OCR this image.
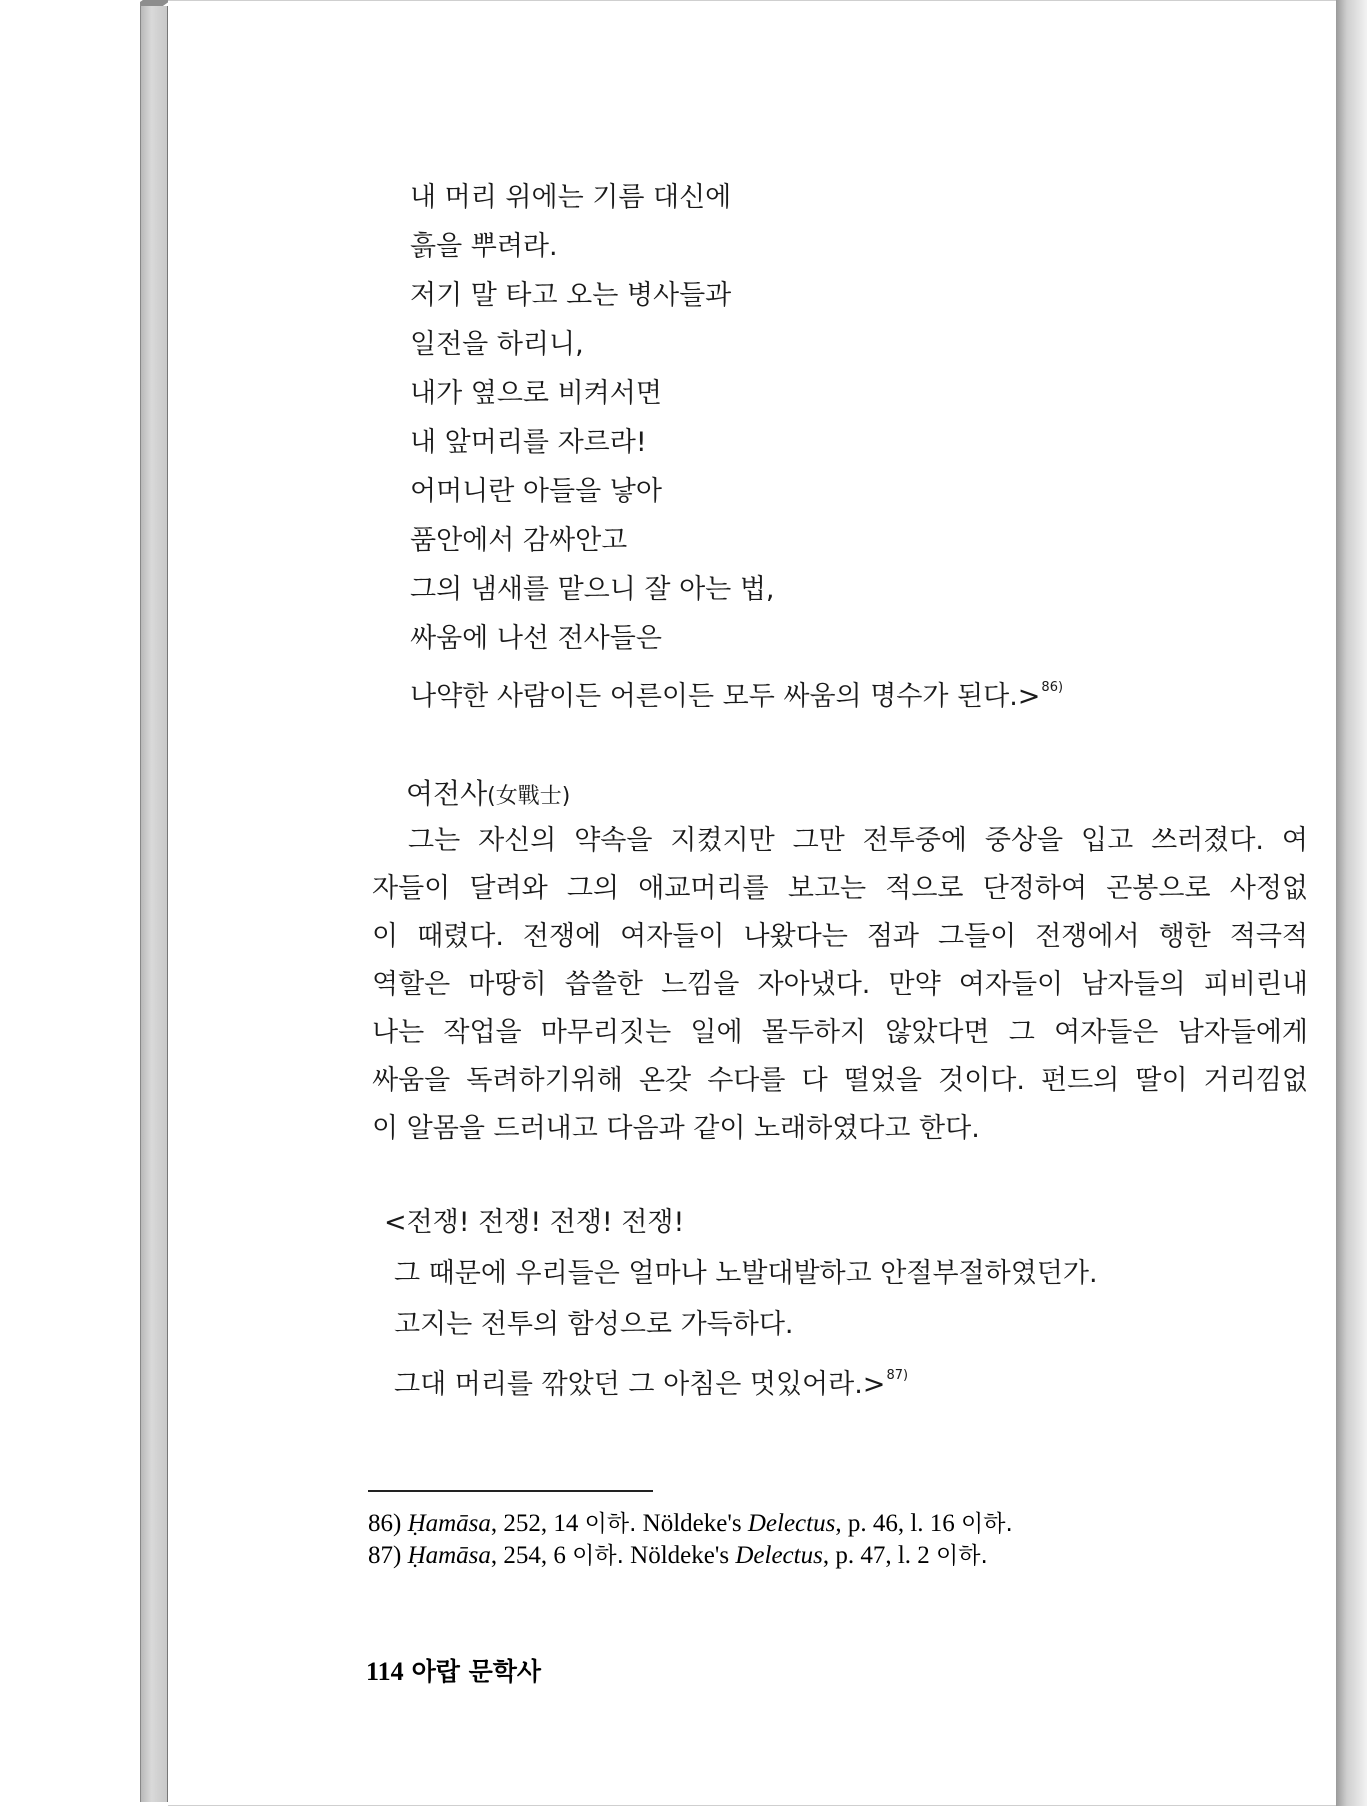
내 머리 위에는 기름 대신에
흙을 뿌려라.
저기 말 타고 오는 병사들과
일전을 하리니,
내가 옆으로 비켜서면
내 앞머리를 자르라!
어머니란 아들을 낳아
품안에서 감싸안고
그의 냄새를 맡으니 잘 아는 법,
싸움에 나선 전사들은
나약한 사람이든 어른이든 모두 싸움의 명수가 된다.>$^{86)}$
여전사(女戰士)
그는 자신의 약속을 지켰지만 그만 전투중에 중상을 입고 쓰러졌다. 여
자들이 달려와 그의 애교머리를 보고는 적으로 단정하여 곤봉으로 사정없
이 때렸다. 전쟁에 여자들이 나왔다는 점과 그들이 전쟁에서 행한 적극적
역할은 마땅히 씁쓸한 느낌을 자아냈다. 만약 여자들이 남자들의 피비린내
나는 작업을 마무리짓는 일에 몰두하지 않았다면 그 여자들은 남자들에게
싸움을 독려하기위해 온갖 수다를 다 떨었을 것이다. 펀드의 딸이 거리낌없
이 알몸을 드러내고 다음과 같이 노래하였다고 한다.
<전쟁! 전쟁! 전쟁! 전쟁!
그 때문에 우리들은 얼마나 노발대발하고 안절부절하였던가.
고지는 전투의 함성으로 가득하다.
그대 머리를 깎았던 그 아침은 멋있어라.>$^{87)}$
86) Ḥamāsa, 252, 14 이하. Nöldeke's Delectus, p. 46, l. 16 이하.
87) Ḥamāsa, 254, 6 이하. Nöldeke's Delectus, p. 47, l. 2 이하.
114 아랍 문학사
